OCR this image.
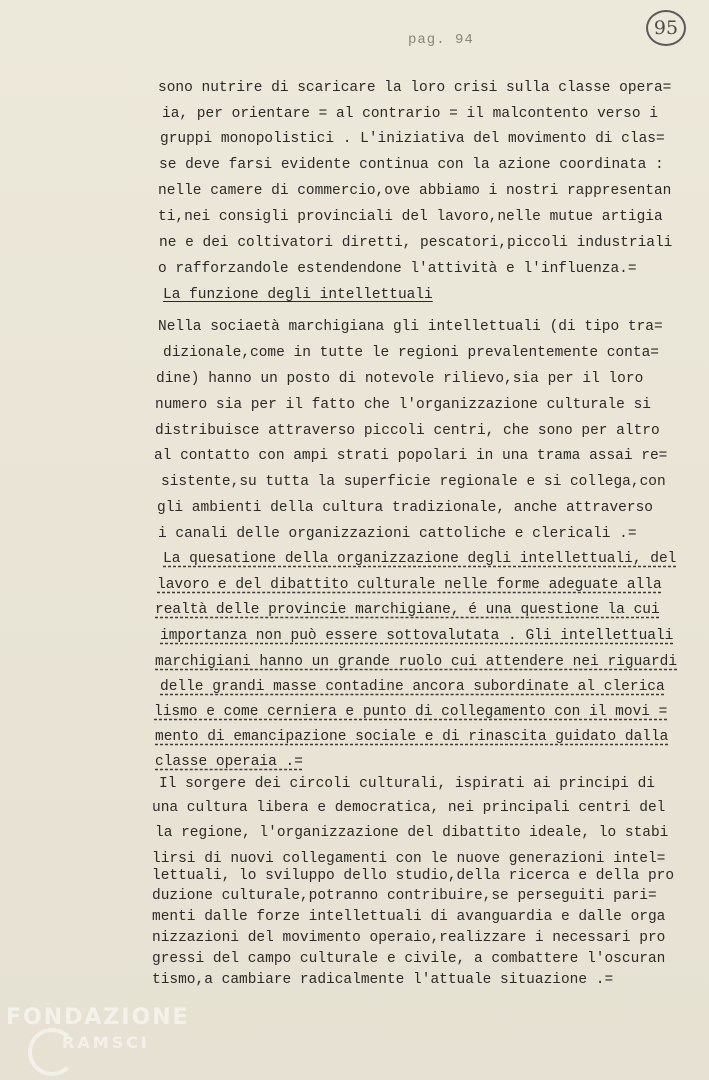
pag. 94
95
sono nutrire di scaricare la loro crisi sulla classe opera=
ia, per orientare = al contrario = il malcontento verso i
gruppi monopolistici . L'iniziativa del movimento di clas=
se deve farsi evidente continua con la azione coordinata :
nelle camere di commercio,ove abbiamo i nostri rappresentan
ti,nei consigli provinciali del lavoro,nelle mutue artigia
ne e dei coltivatori diretti, pescatori,piccoli industriali
o rafforzandole estendendone l'attività e l'influenza.=
La funzione degli intellettuali
Nella sociaetà marchigiana gli intellettuali (di tipo tra=
dizionale,come in tutte le regioni prevalentemente conta=
dine) hanno un posto di notevole rilievo,sia per il loro
numero sia per il fatto che l'organizzazione culturale si
distribuisce attraverso piccoli centri, che sono per altro
al contatto con ampi strati popolari in una trama assai re=
sistente,su tutta la superficie regionale e si collega,con
gli ambienti della cultura tradizionale, anche attraverso
i canali delle organizzazioni cattoliche e clericali .=
La quesatione della organizzazione degli intellettuali, del
lavoro e del dibattito culturale nelle forme adeguate alla
realtà delle provincie marchigiane, é una questione la cui
importanza non può essere sottovalutata . Gli intellettuali
marchigiani hanno un grande ruolo cui attendere nei riguardi
delle grandi masse contadine ancora subordinate al clerica
lismo e come cerniera e punto di collegamento con il movi =
mento di emancipazione sociale e di rinascita guidato dalla
classe operaia .=
Il sorgere dei circoli culturali, ispirati ai principi di
una cultura libera e democratica, nei principali centri del
la regione, l'organizzazione del dibattito ideale, lo stabi
lirsi di nuovi collegamenti con le nuove generazioni intel=
lettuali, lo sviluppo dello studio,della ricerca e della pro
duzione culturale,potranno contribuire,se perseguiti pari=
menti dalle forze intellettuali di avanguardia e dalle orga
nizzazioni del movimento operaio,realizzare i necessari pro
gressi del campo culturale e civile, a combattere l'oscuran
tismo,a cambiare radicalmente l'attuale situazione .=
FONDAZIONE
RAMSCI
